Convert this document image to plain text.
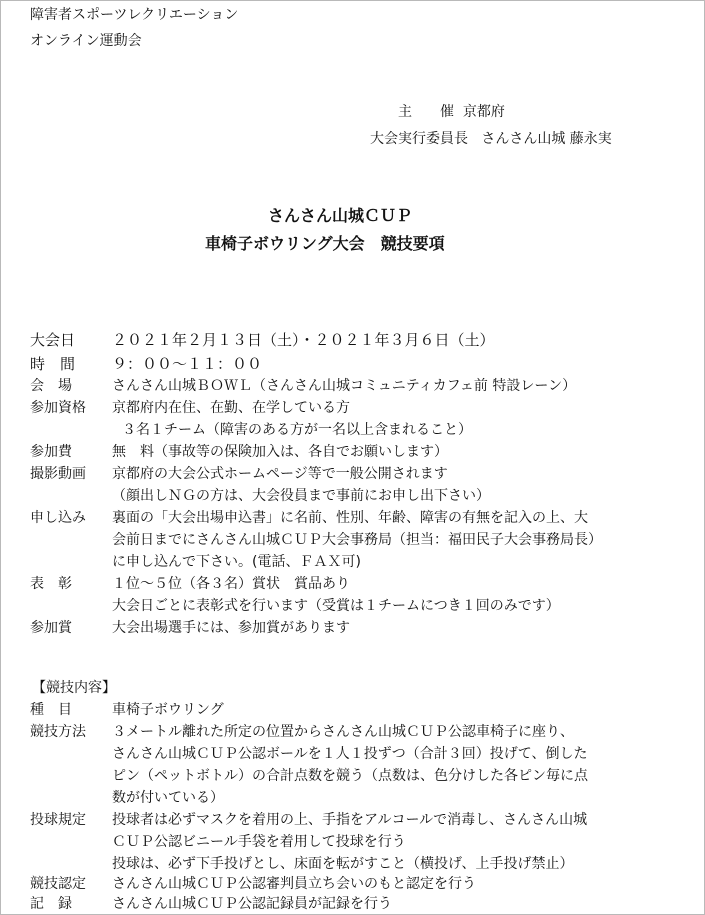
障害者スポーツレクリエーション
オンライン運動会
主　　催 京都府
大会実行委員長 さんさん山城 藤永実
さんさん山城ＣＵＰ
車椅子ボウリング大会　競技要項
大会日 ２０２１年２月１３日（土）・２０２１年３月６日（土）
時　間 ９：００～１１：００
会　場	さんさん山城ＢＯＷＬ（さんさん山城コミュニティカフェ前 特設レーン）
参加資格 京都府内在住、在勤、在学している方
３名１チーム（障害のある方が一名以上含まれること）
参加費	無　料（事故等の保険加入は、各自でお願いします）
撮影動画 京都府の大会公式ホームページ等で一般公開されます
（顔出しＮＧの方は、大会役員まで事前にお申し出下さい）
申し込み 裏面の「大会出場申込書」に名前、性別、年齢、障害の有無を記入の上、大
会前日までにさんさん山城ＣＵＰ大会事務局（担当：福田民子大会事務局長）
に申し込んで下さい。(電話、ＦＡＸ可)
表　彰	１位～５位（各３名）賞状　賞品あり
大会日ごとに表彰式を行います（受賞は１チームにつき１回のみです）
参加賞	大会出場選手には、参加賞があります
【競技内容】
種　目	車椅子ボウリング
競技方法 ３メートル離れた所定の位置からさんさん山城ＣＵＰ公認車椅子に座り、
さんさん山城ＣＵＰ公認ボールを１人１投ずつ（合計３回）投げて、倒した
ピン（ペットボトル）の合計点数を競う（点数は、色分けした各ピン毎に点
数が付いている）
投球規定 投球者は必ずマスクを着用の上、手指をアルコールで消毒し、さんさん山城
ＣＵＰ公認ビニール手袋を着用して投球を行う
投球は、必ず下手投げとし、床面を転がすこと（横投げ、上手投げ禁止）
競技認定 さんさん山城ＣＵＰ公認審判員立ち会いのもと認定を行う
記　録	さんさん山城ＣＵＰ公認記録員が記録を行う
